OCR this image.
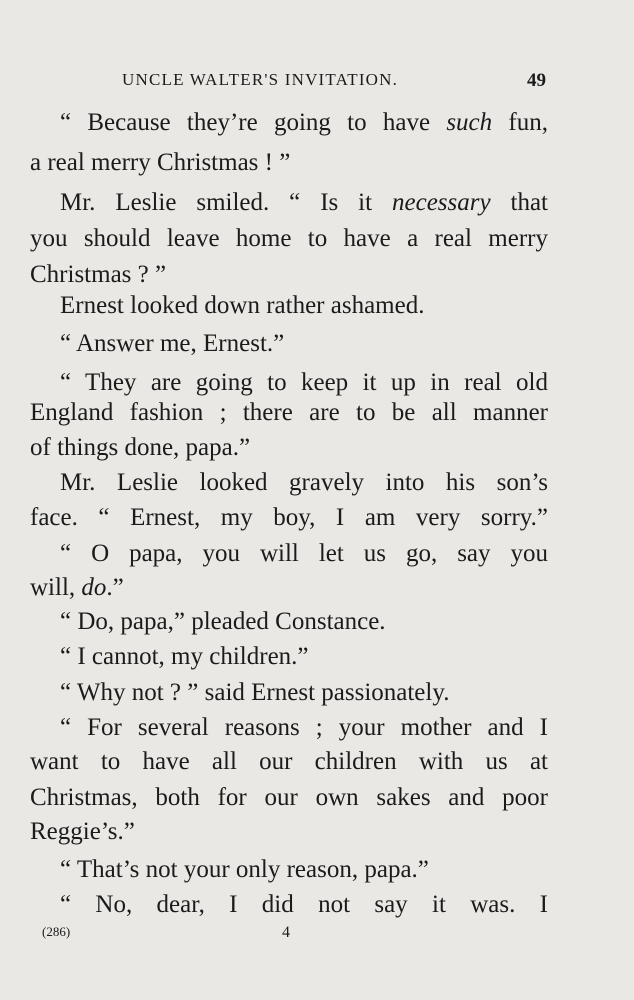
UNCLE WALTER'S INVITATION.	49
“ Because they’re going to have such fun,
a real merry Christmas ! ”
Mr. Leslie smiled. “ Is it necessary that
you should leave home to have a real merry
Christmas ? ”
Ernest looked down rather ashamed.
“ Answer me, Ernest.”
“ They are going to keep it up in real old
England fashion ; there are to be all manner
of things done, papa.”
Mr. Leslie looked gravely into his son’s
face. “ Ernest, my boy, I am very sorry.”
“ O papa, you will let us go, say you
will, do.”
“ Do, papa,” pleaded Constance.
“ I cannot, my children.”
“ Why not ? ” said Ernest passionately.
“ For several reasons ; your mother and I
want to have all our children with us at
Christmas, both for our own sakes and poor
Reggie’s.”
“ That’s not your only reason, papa.”
“ No, dear, I did not say it was. I
(286)	4
